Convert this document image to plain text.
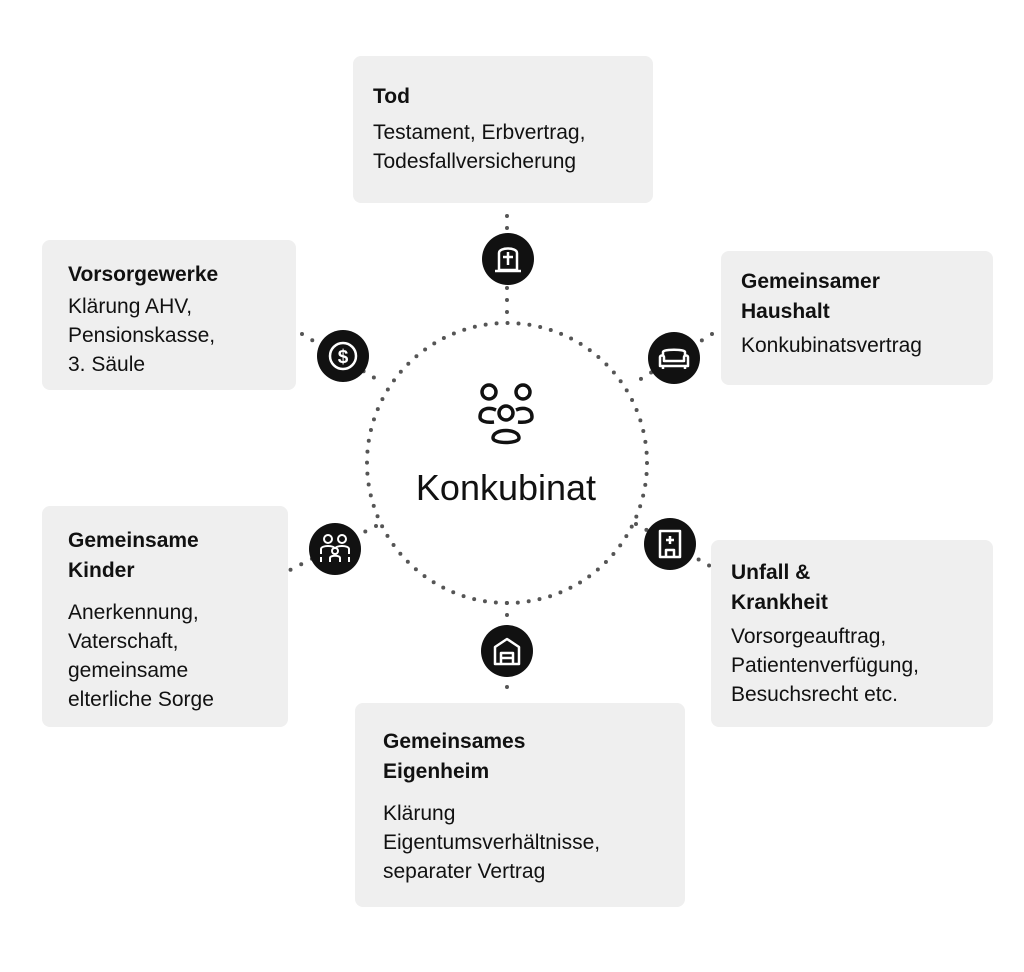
Konkubinat

Tod

Testament, Erbvertrag,

Todesfallversicherung

Gemeinsamer

Haushalt

Konkubinatsvertrag

Unfall &

Krankheit

Vorsorgeauftrag,

Patientenverfügung,

Besuchsrecht etc.

Gemeinsames

Eigenheim

Klärung

Eigentumsverhältnisse,

separater Vertrag

Gemeinsame

Kinder

Anerkennung,

Vaterschaft,

gemeinsame

elterliche Sorge

Vorsorgewerke

Klärung AHV,

Pensionskasse,

3. Säule	$
